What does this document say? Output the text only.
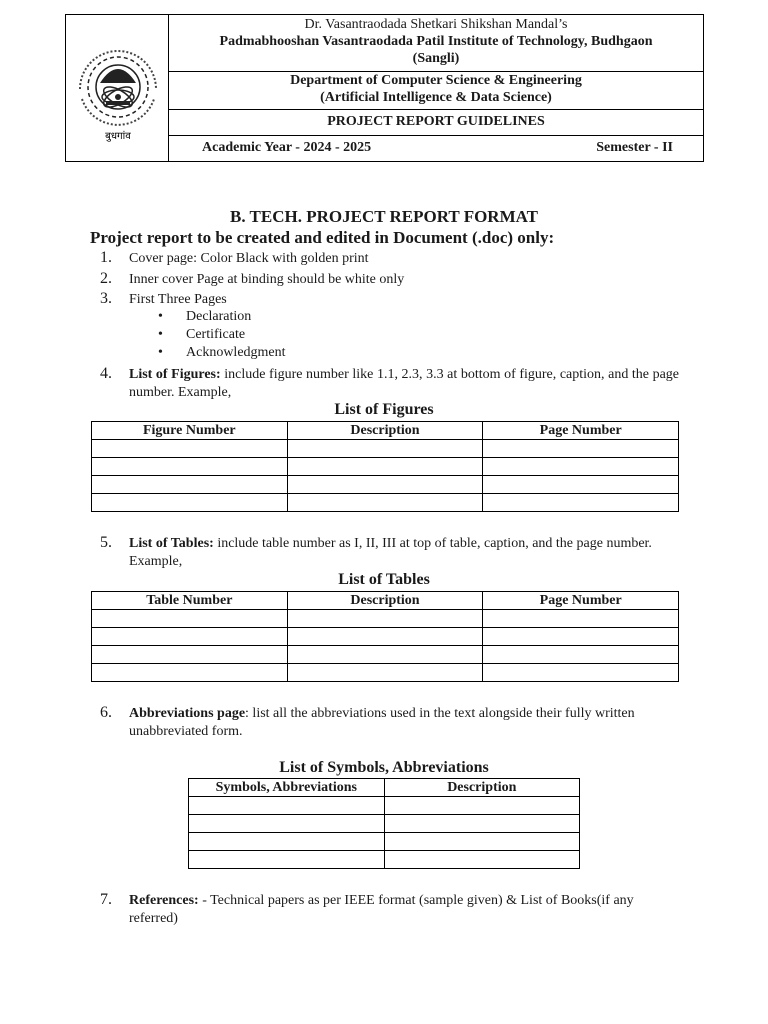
बुधगांव
Dr. Vasantraodada Shetkari Shikshan Mandal’s
Padmabhooshan Vasantraodada Patil Institute of Technology, Budhgaon
(Sangli)
Department of Computer Science & Engineering
(Artificial Intelligence & Data Science)
PROJECT REPORT GUIDELINES
Academic Year - 2024 - 2025	Semester - II
B. TECH. PROJECT REPORT FORMAT
Project report to be created and edited in Document (.doc) only:
1. Cover page: Color Black with golden print
2. Inner cover Page at binding should be white only
3. First Three Pages
• Declaration
• Certificate
• Acknowledgment
4. List of Figures: include figure number like 1.1, 2.3, 3.3 at bottom of figure, caption, and the page number. Example,
List of Figures
Figure Number	Description	Page Number

5. List of Tables: include table number as I, II, III at top of table, caption, and the page number. Example,
List of Tables
Table Number	Description	Page Number

6. Abbreviations page: list all the abbreviations used in the text alongside their fully written unabbreviated form.
List of Symbols, Abbreviations
Symbols, Abbreviations	Description

7. References: - Technical papers as per IEEE format (sample given) & List of Books(if any referred)
